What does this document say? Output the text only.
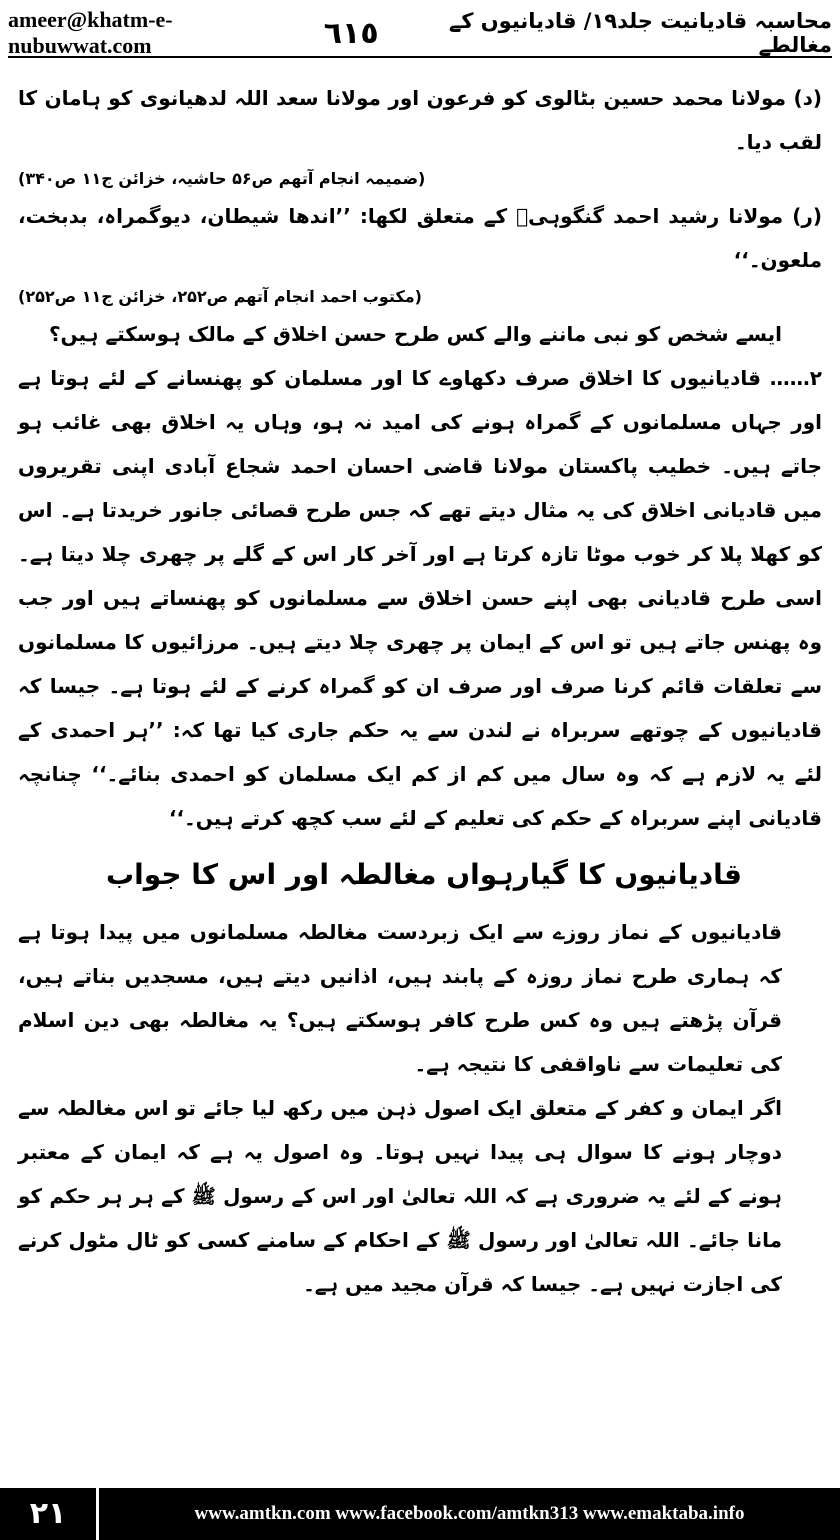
ameer@khatm-e-nubuwwat.com	٦١٥	محاسبہ قادیانیت جلد۱۹/ قادیانیوں کے مغالطے

(د) مولانا محمد حسین بٹالوی کو فرعون اور مولانا سعد اللہ لدھیانوی کو ہامان کا لقب دیا۔

(ضمیمہ انجام آتھم ص۵۶ حاشیہ، خزائن ج۱۱ ص۳۴۰)

(ر) مولانا رشید احمد گنگوہیؒ کے متعلق لکھا: ’’اندھا شیطان، دیوگمراہ، بدبخت، ملعون۔‘‘

(مکتوب احمد انجام آتھم ص۲۵۲، خزائن ج۱۱ ص۲۵۲)

ایسے شخص کو نبی ماننے والے کس طرح حسن اخلاق کے مالک ہوسکتے ہیں؟

۲…… قادیانیوں کا اخلاق صرف دکھاوے کا اور مسلمان کو پھنسانے کے لئے ہوتا ہے اور جہاں مسلمانوں کے گمراہ ہونے کی امید نہ ہو، وہاں یہ اخلاق بھی غائب ہو جاتے ہیں۔ خطیب پاکستان مولانا قاضی احسان احمد شجاع آبادی اپنی تقریروں میں قادیانی اخلاق کی یہ مثال دیتے تھے کہ جس طرح قصائی جانور خریدتا ہے۔ اس کو کھلا پلا کر خوب موٹا تازہ کرتا ہے اور آخر کار اس کے گلے پر چھری چلا دیتا ہے۔ اسی طرح قادیانی بھی اپنے حسن اخلاق سے مسلمانوں کو پھنساتے ہیں اور جب وہ پھنس جاتے ہیں تو اس کے ایمان پر چھری چلا دیتے ہیں۔ مرزائیوں کا مسلمانوں سے تعلقات قائم کرنا صرف اور صرف ان کو گمراہ کرنے کے لئے ہوتا ہے۔ جیسا کہ قادیانیوں کے چوتھے سربراہ نے لندن سے یہ حکم جاری کیا تھا کہ: ’’ہر احمدی کے لئے یہ لازم ہے کہ وہ سال میں کم از کم ایک مسلمان کو احمدی بنائے۔‘‘ چنانچہ قادیانی اپنے سربراہ کے حکم کی تعلیم کے لئے سب کچھ کرتے ہیں۔‘‘

قادیانیوں کا گیارہواں مغالطہ اور اس کا جواب

قادیانیوں کے نماز روزے سے ایک زبردست مغالطہ مسلمانوں میں پیدا ہوتا ہے کہ ہماری طرح نماز روزہ کے پابند ہیں، اذانیں دیتے ہیں، مسجدیں بناتے ہیں، قرآن پڑھتے ہیں وہ کس طرح کافر ہوسکتے ہیں؟ یہ مغالطہ بھی دین اسلام کی تعلیمات سے ناواقفی کا نتیجہ ہے۔

اگر ایمان و کفر کے متعلق ایک اصول ذہن میں رکھ لیا جائے تو اس مغالطہ سے دوچار ہونے کا سوال ہی پیدا نہیں ہوتا۔ وہ اصول یہ ہے کہ ایمان کے معتبر ہونے کے لئے یہ ضروری ہے کہ اللہ تعالیٰ اور اس کے رسول ﷺ کے ہر ہر حکم کو مانا جائے۔ اللہ تعالیٰ اور رسول ﷺ کے احکام کے سامنے کسی کو ٹال مٹول کرنے کی اجازت نہیں ہے۔ جیسا کہ قرآن مجید میں ہے۔

۲۱	www.amtkn.com www.facebook.com/amtkn313 www.emaktaba.info
